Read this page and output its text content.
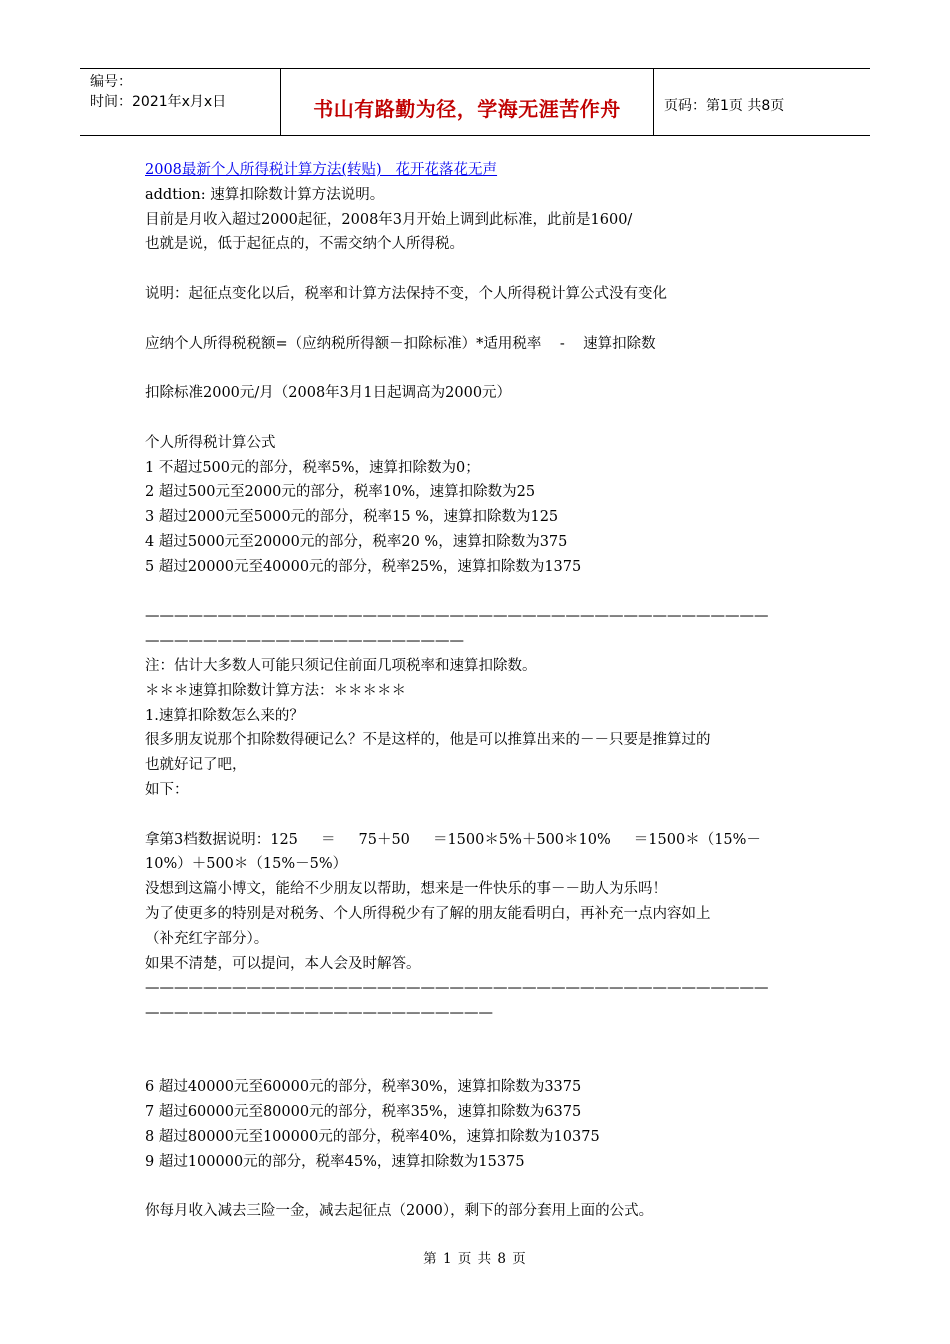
编号：
时间：2021年x月x日	书山有路勤为径，学海无涯苦作舟	页码：第1页 共8页
2008最新个人所得税计算方法(转贴)   花开花落花无声
addtion: 速算扣除数计算方法说明。
目前是月收入超过2000起征，2008年3月开始上调到此标准，此前是1600/
也就是说，低于起征点的，不需交纳个人所得税。
说明：起征点变化以后，税率和计算方法保持不变，个人所得税计算公式没有变化
应纳个人所得税税额=（应纳税所得额－扣除标准）*适用税率    -    速算扣除数
扣除标准2000元/月（2008年3月1日起调高为2000元）
个人所得税计算公式
1 不超过500元的部分，税率5%，速算扣除数为0；
2 超过500元至2000元的部分，税率10%，速算扣除数为25
3 超过2000元至5000元的部分，税率15 %，速算扣除数为125
4 超过5000元至20000元的部分，税率20 %，速算扣除数为375
5 超过20000元至40000元的部分，税率25%，速算扣除数为1375
———————————————————————————————————————————
——————————————————————
注：估计大多数人可能只须记住前面几项税率和速算扣除数。
＊＊＊速算扣除数计算方法：＊＊＊＊＊
1.速算扣除数怎么来的？
很多朋友说那个扣除数得硬记么？不是这样的，他是可以推算出来的－－只要是推算过的
也就好记了吧，
如下：
拿第3档数据说明：125     ＝     75＋50     ＝1500＊5%＋500＊10%     ＝1500＊（15%－
10%）＋500＊（15%－5%）
没想到这篇小博文，能给不少朋友以帮助，想来是一件快乐的事－－助人为乐吗！
为了使更多的特别是对税务、个人所得税少有了解的朋友能看明白，再补充一点内容如上
（补充红字部分）。
如果不清楚，可以提问，本人会及时解答。
———————————————————————————————————————————
————————————————————————
6 超过40000元至60000元的部分，税率30%，速算扣除数为3375
7 超过60000元至80000元的部分，税率35%，速算扣除数为6375
8 超过80000元至100000元的部分，税率40%，速算扣除数为10375
9 超过100000元的部分，税率45%，速算扣除数为15375
你每月收入减去三险一金，减去起征点（2000），剩下的部分套用上面的公式。
第 1 页 共 8 页
